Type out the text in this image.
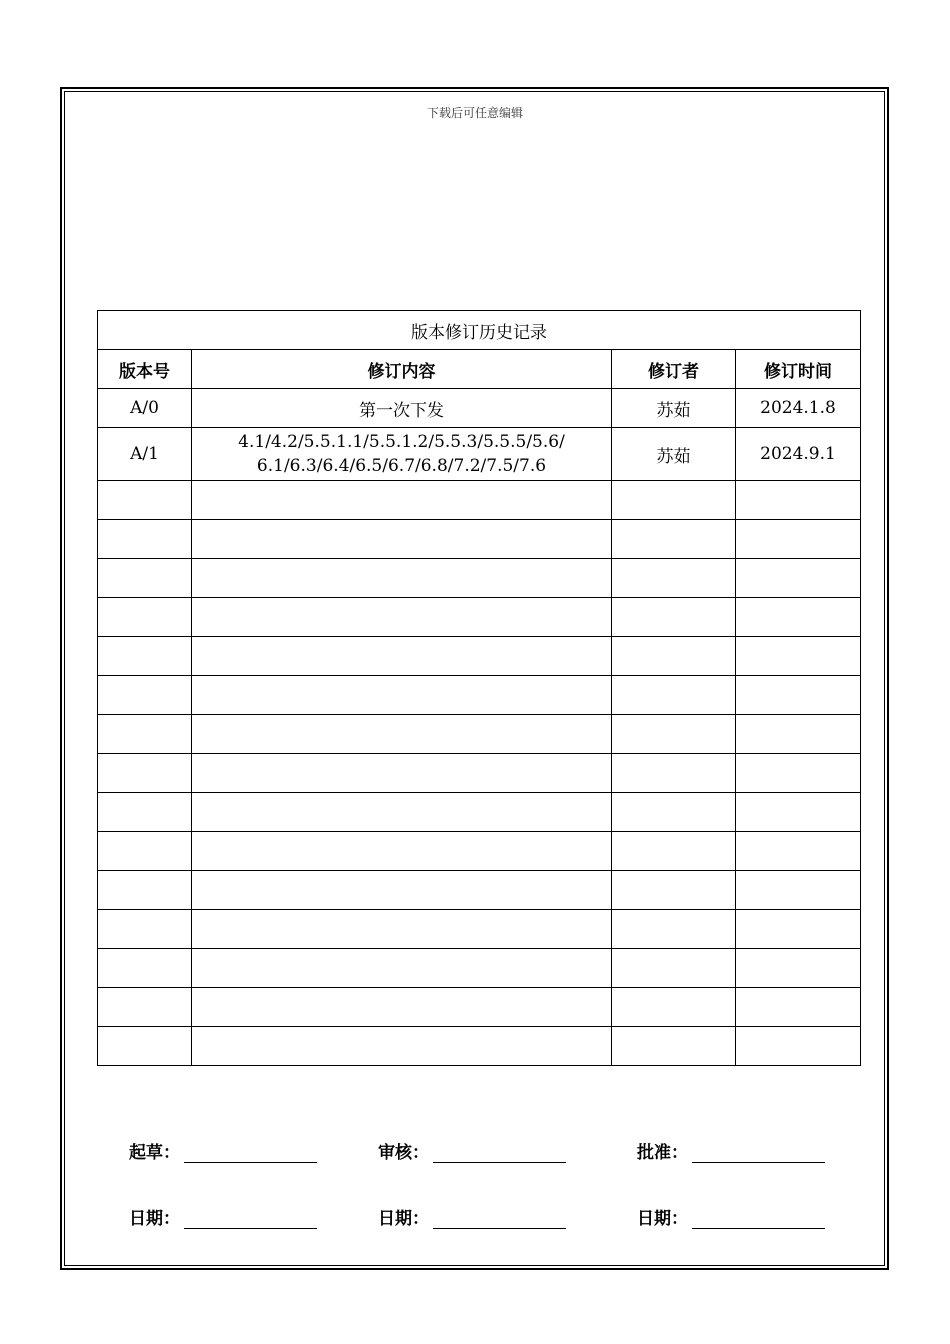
下载后可任意编辑
版本修订历史记录			
版本号	修订内容	修订者	修订时间
A/0	第一次下发	苏茹	2024.1.8
A/1	4.1/4.2/5.5.1.1/5.5.1.2/5.5.3/5.5.5/5.6/
6.1/6.3/6.4/6.5/6.7/6.8/7.2/7.5/7.6	苏茹	2024.9.1

起草：	审核：	批准：
日期：	日期：	日期：
